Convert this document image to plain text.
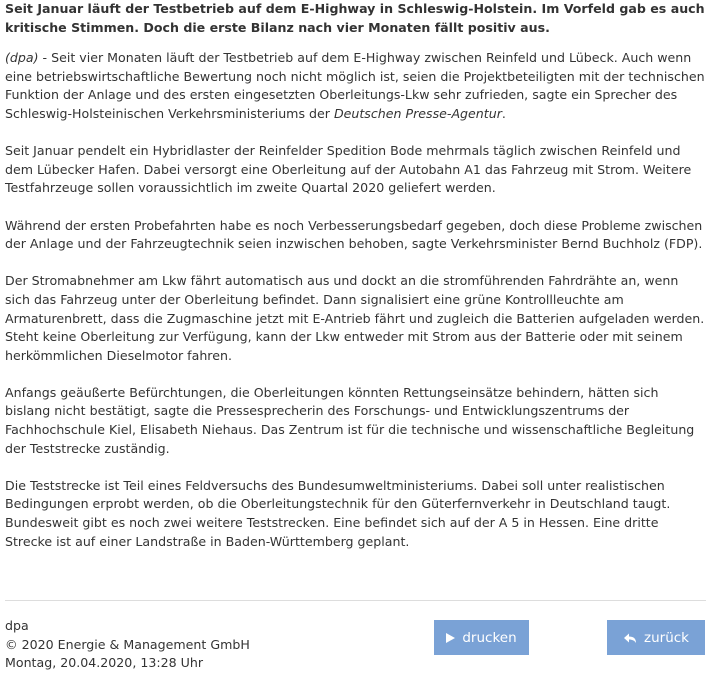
Seit Januar läuft der Testbetrieb auf dem E-Highway in Schleswig-Holstein. Im Vorfeld gab es auch kritische Stimmen. Doch die erste Bilanz nach vier Monaten fällt positiv aus.

(dpa) - Seit vier Monaten läuft der Testbetrieb auf dem E-Highway zwischen Reinfeld und Lübeck. Auch wenn eine betriebswirtschaftliche Bewertung noch nicht möglich ist, seien die Projektbeteiligten mit der technischen Funktion der Anlage und des ersten eingesetzten Oberleitungs-Lkw sehr zufrieden, sagte ein Sprecher des Schleswig-Holsteinischen Verkehrsministeriums der Deutschen Presse-Agentur.

Seit Januar pendelt ein Hybridlaster der Reinfelder Spedition Bode mehrmals täglich zwischen Reinfeld und dem Lübecker Hafen. Dabei versorgt eine Oberleitung auf der Autobahn A1 das Fahrzeug mit Strom. Weitere Testfahrzeuge sollen voraussichtlich im zweite Quartal 2020 geliefert werden.

Während der ersten Probefahrten habe es noch Verbesserungsbedarf gegeben, doch diese Probleme zwischen der Anlage und der Fahrzeugtechnik seien inzwischen behoben, sagte Verkehrsminister Bernd Buchholz (FDP).

Der Stromabnehmer am Lkw fährt automatisch aus und dockt an die stromführenden Fahrdrähte an, wenn sich das Fahrzeug unter der Oberleitung befindet. Dann signalisiert eine grüne Kontrollleuchte am Armaturenbrett, dass die Zugmaschine jetzt mit E-Antrieb fährt und zugleich die Batterien aufgeladen werden. Steht keine Oberleitung zur Verfügung, kann der Lkw entweder mit Strom aus der Batterie oder mit seinem herkömmlichen Dieselmotor fahren.

Anfangs geäußerte Befürchtungen, die Oberleitungen könnten Rettungseinsätze behindern, hätten sich bislang nicht bestätigt, sagte die Pressesprecherin des Forschungs- und Entwicklungszentrums der Fachhochschule Kiel, Elisabeth Niehaus. Das Zentrum ist für die technische und wissenschaftliche Begleitung der Teststrecke zuständig.

Die Teststrecke ist Teil eines Feldversuchs des Bundesumweltministeriums. Dabei soll unter realistischen Bedingungen erprobt werden, ob die Oberleitungstechnik für den Güterfernverkehr in Deutschland taugt. Bundesweit gibt es noch zwei weitere Teststrecken. Eine befindet sich auf der A 5 in Hessen. Eine dritte Strecke ist auf einer Landstraße in Baden-Württemberg geplant.

dpa
© 2020 Energie & Management GmbH
Montag, 20.04.2020, 13:28 Uhr
drucken	zurück
